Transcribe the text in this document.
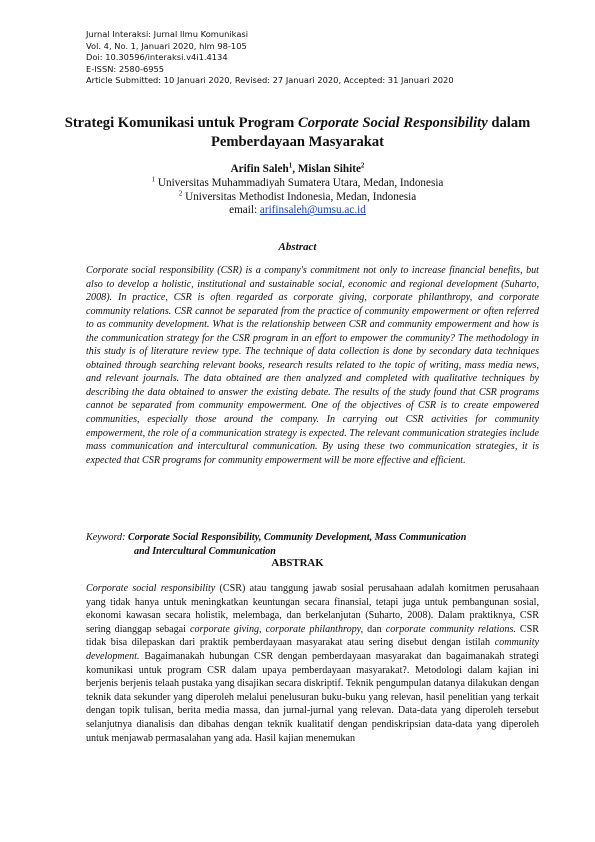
Jurnal Interaksi: Jurnal Ilmu Komunikasi
Vol. 4, No. 1, Januari 2020, hlm 98-105
Doi: 10.30596/interaksi.v4i1.4134
E-ISSN: 2580-6955
Article Submitted: 10 Januari 2020, Revised: 27 Januari 2020, Accepted: 31 Januari 2020
Strategi Komunikasi untuk Program Corporate Social Responsibility dalam Pemberdayaan Masyarakat
Arifin Saleh$^1$, Mislan Sihite$^2$
$^1$ Universitas Muhammadiyah Sumatera Utara, Medan, Indonesia
$^2$ Universitas Methodist Indonesia, Medan, Indonesia
email: arifinsaleh@umsu.ac.id
Abstract

Corporate social responsibility (CSR) is a company's commitment not only to increase financial benefits, but also to develop a holistic, institutional and sustainable social, economic and regional development (Suharto, 2008). In practice, CSR is often regarded as corporate giving, corporate philanthropy, and corporate community relations. CSR cannot be separated from the practice of community empowerment or often referred to as community development. What is the relationship between CSR and community empowerment and how is the communication strategy for the CSR program in an effort to empower the community? The methodology in this study is of literature review type. The technique of data collection is done by secondary data techniques obtained through searching relevant books, research results related to the topic of writing, mass media news, and relevant journals. The data obtained are then analyzed and completed with qualitative techniques by describing the data obtained to answer the existing debate. The results of the study found that CSR programs cannot be separated from community empowerment. One of the objectives of CSR is to create empowered communities, especially those around the company. In carrying out CSR activities for community empowerment, the role of a communication strategy is expected. The relevant communication strategies include mass communication and intercultural communication. By using these two communication strategies, it is expected that CSR programs for community empowerment will be more effective and efficient.

Keyword: Corporate Social Responsibility, Community Development, Mass Communication
and Intercultural Communication
ABSTRAK

Corporate social responsibility (CSR) atau tanggung jawab sosial perusahaan adalah komitmen perusahaan yang tidak hanya untuk meningkatkan keuntungan secara finansial, tetapi juga untuk pembangunan sosial, ekonomi kawasan secara holistik, melembaga, dan berkelanjutan (Suharto, 2008). Dalam praktiknya, CSR sering dianggap sebagai corporate giving, corporate philanthropy, dan corporate community relations. CSR tidak bisa dilepaskan dari praktik pemberdayaan masyarakat atau sering disebut dengan istilah community development. Bagaimanakah hubungan CSR dengan pemberdayaan masyarakat dan bagaimanakah strategi komunikasi untuk program CSR dalam upaya pemberdayaan masyarakat?. Metodologi dalam kajian ini berjenis berjenis telaah pustaka yang disajikan secara diskriptif. Teknik pengumpulan datanya dilakukan dengan teknik data sekunder yang diperoleh melalui penelusuran buku-buku yang relevan, hasil penelitian yang terkait dengan topik tulisan, berita media massa, dan jurnal-jurnal yang relevan. Data-data yang diperoleh tersebut selanjutnya dianalisis dan dibahas dengan teknik kualitatif dengan pendiskripsian data-data yang diperoleh untuk menjawab permasalahan yang ada. Hasil kajian menemukan
